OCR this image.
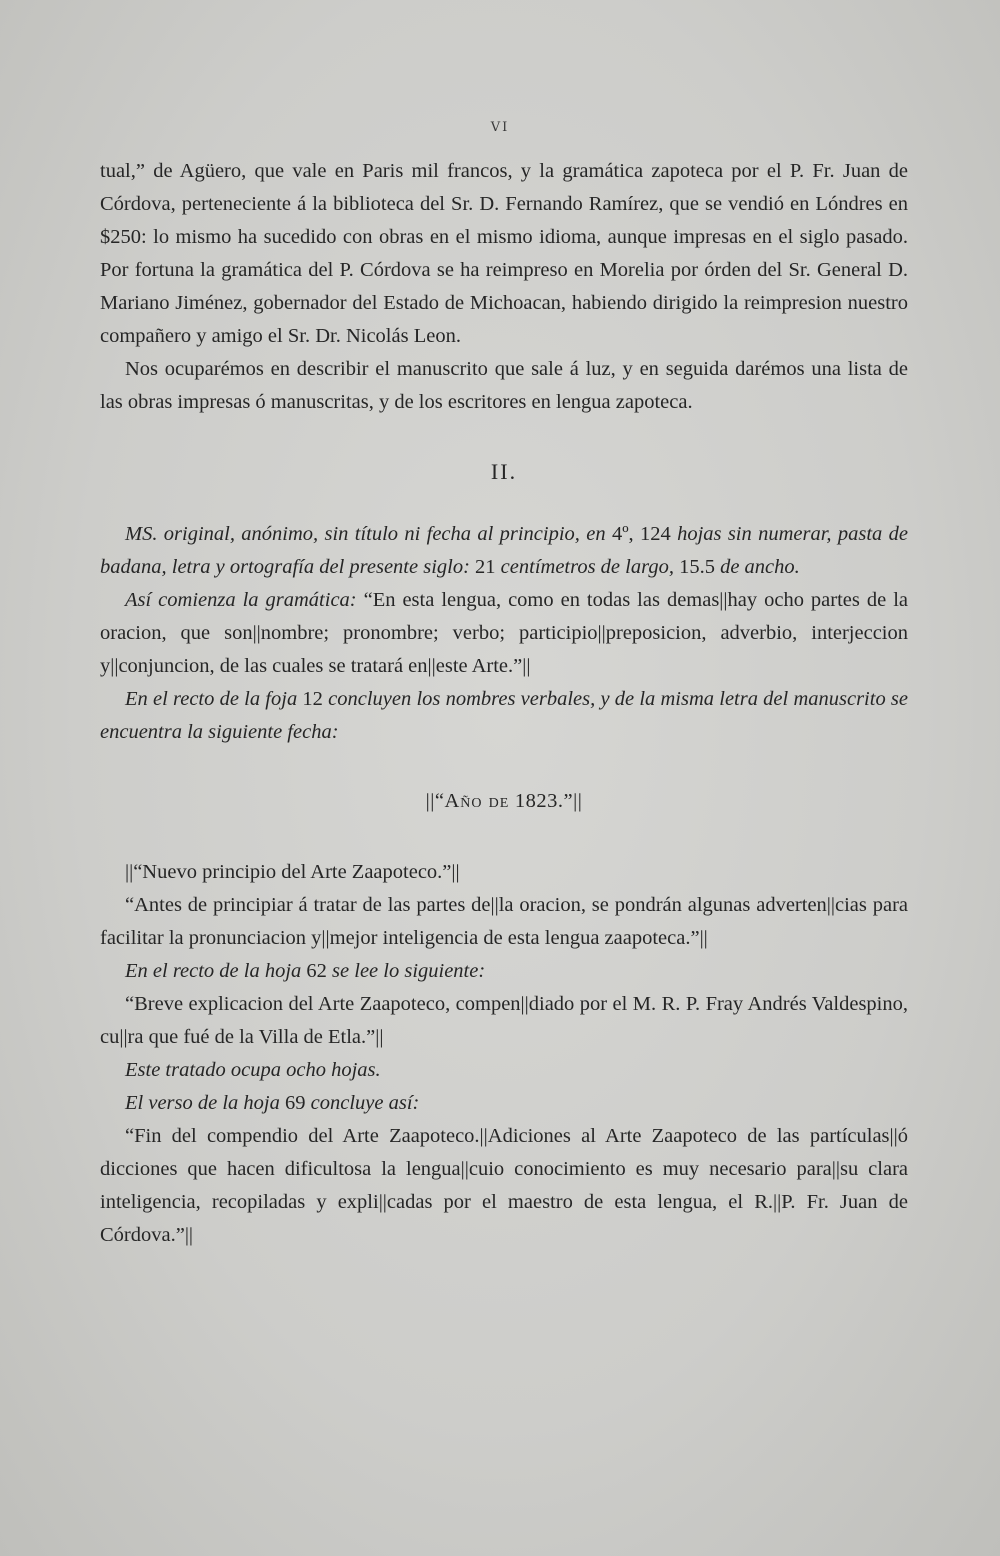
VI

tual,” de Agüero, que vale en Paris mil francos, y la gramática zapoteca por el P. Fr. Juan de Córdova, perteneciente á la biblioteca del Sr. D. Fernando Ramírez, que se vendió en Lóndres en $250: lo mismo ha sucedido con obras en el mismo idioma, aunque impresas en el siglo pasado. Por fortuna la gramática del P. Córdova se ha reimpreso en Morelia por órden del Sr. General D. Mariano Jiménez, gobernador del Estado de Michoacan, habiendo dirigido la reimpresion nuestro compañero y amigo el Sr. Dr. Nicolás Leon.

Nos ocuparémos en describir el manuscrito que sale á luz, y en seguida darémos una lista de las obras impresas ó manuscritas, y de los escritores en lengua zapoteca.

II.

MS. original, anónimo, sin título ni fecha al principio, en 4º, 124 hojas sin numerar, pasta de badana, letra y ortografía del presente siglo: 21 centímetros de largo, 15.5 de ancho.

Así comienza la gramática: “En esta lengua, como en todas las demas||hay ocho partes de la oracion, que son||nombre; pronombre; verbo; participio||preposicion, adverbio, interjeccion y||conjuncion, de las cuales se tratará en||este Arte.”||

En el recto de la foja 12 concluyen los nombres verbales, y de la misma letra del manuscrito se encuentra la siguiente fecha:

||“Año de 1823.”||

||“Nuevo principio del Arte Zaapoteco.”||

“Antes de principiar á tratar de las partes de||la oracion, se pondrán algunas adverten||cias para facilitar la pronunciacion y||mejor inteligencia de esta lengua zaapoteca.”||

En el recto de la hoja 62 se lee lo siguiente:

“Breve explicacion del Arte Zaapoteco, compen||diado por el M. R. P. Fray Andrés Valdespino, cu||ra que fué de la Villa de Etla.”||

Este tratado ocupa ocho hojas.

El verso de la hoja 69 concluye así:

“Fin del compendio del Arte Zaapoteco.||Adiciones al Arte Zaapoteco de las partículas||ó dicciones que hacen dificultosa la lengua||cuio conocimiento es muy necesario para||su clara inteligencia, recopiladas y expli||cadas por el maestro de esta lengua, el R.||P. Fr. Juan de Córdova.”||
